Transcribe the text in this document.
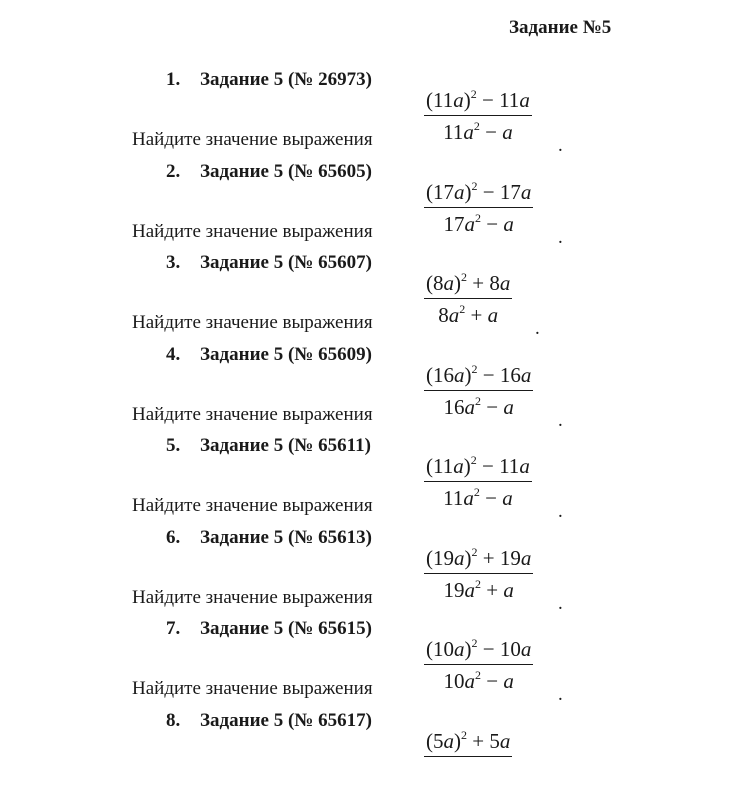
Задание №5
1. Задание 5 (№ 26973)
$\frac{(11a)^2 - 11a}{11a^2 - a}$
Найдите значение выражения	.
2. Задание 5 (№ 65605)
$\frac{(17a)^2 - 17a}{17a^2 - a}$
Найдите значение выражения	.
3. Задание 5 (№ 65607)
$\frac{(8a)^2 + 8a}{8a^2 + a}$
Найдите значение выражения	.
4. Задание 5 (№ 65609)
$\frac{(16a)^2 - 16a}{16a^2 - a}$
Найдите значение выражения	.
5. Задание 5 (№ 65611)
$\frac{(11a)^2 - 11a}{11a^2 - a}$
Найдите значение выражения	.
6. Задание 5 (№ 65613)
$\frac{(19a)^2 + 19a}{19a^2 + a}$
Найдите значение выражения	.
7. Задание 5 (№ 65615)
$\frac{(10a)^2 - 10a}{10a^2 - a}$
Найдите значение выражения	.
8. Задание 5 (№ 65617)
$(5a)^2 + 5a$
